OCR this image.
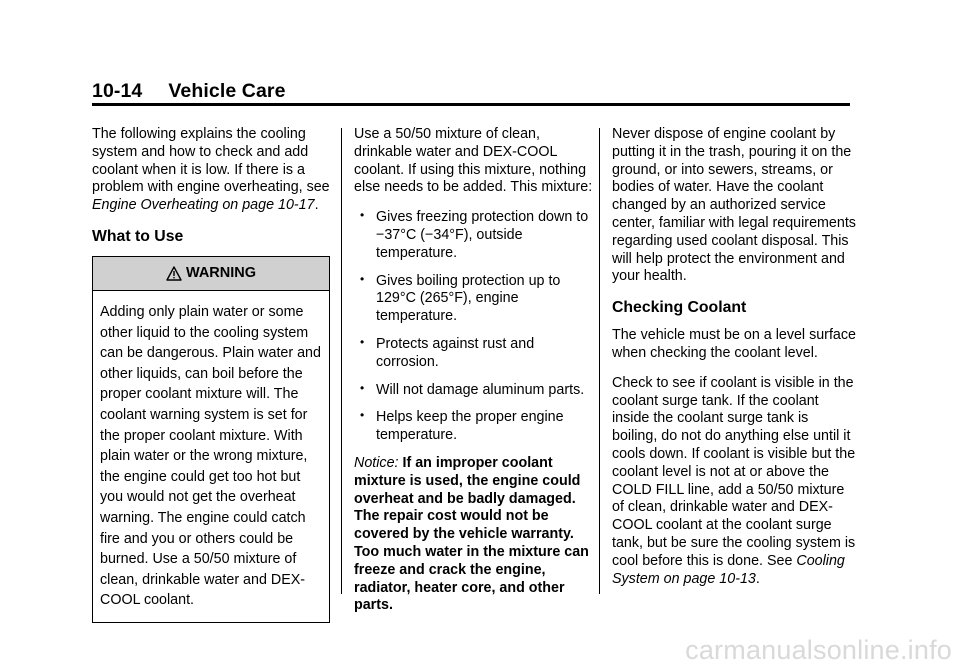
10-14 Vehicle Care

The following explains the cooling system and how to check and add coolant when it is low. If there is a problem with engine overheating, see Engine Overheating on page 10-17.

What to Use
WARNING
Adding only plain water or some other liquid to the cooling system can be dangerous. Plain water and other liquids, can boil before the proper coolant mixture will. The coolant warning system is set for the proper coolant mixture. With plain water or the wrong mixture, the engine could get too hot but you would not get the overheat warning. The engine could catch fire and you or others could be burned. Use a 50/50 mixture of clean, drinkable water and DEX-COOL coolant.

Use a 50/50 mixture of clean, drinkable water and DEX-COOL coolant. If using this mixture, nothing else needs to be added. This mixture:

• Gives freezing protection down to −37°C (−34°F), outside temperature.
• Gives boiling protection up to 129°C (265°F), engine temperature.
• Protects against rust and corrosion.
• Will not damage aluminum parts.
• Helps keep the proper engine temperature.

Notice: If an improper coolant mixture is used, the engine could overheat and be badly damaged. The repair cost would not be covered by the vehicle warranty. Too much water in the mixture can freeze and crack the engine, radiator, heater core, and other parts.

Never dispose of engine coolant by putting it in the trash, pouring it on the ground, or into sewers, streams, or bodies of water. Have the coolant changed by an authorized service center, familiar with legal requirements regarding used coolant disposal. This will help protect the environment and your health.

Checking Coolant

The vehicle must be on a level surface when checking the coolant level.

Check to see if coolant is visible in the coolant surge tank. If the coolant inside the coolant surge tank is boiling, do not do anything else until it cools down. If coolant is visible but the coolant level is not at or above the COLD FILL line, add a 50/50 mixture of clean, drinkable water and DEX-COOL coolant at the coolant surge tank, but be sure the cooling system is cool before this is done. See Cooling System on page 10-13.

carmanualsonline.info
